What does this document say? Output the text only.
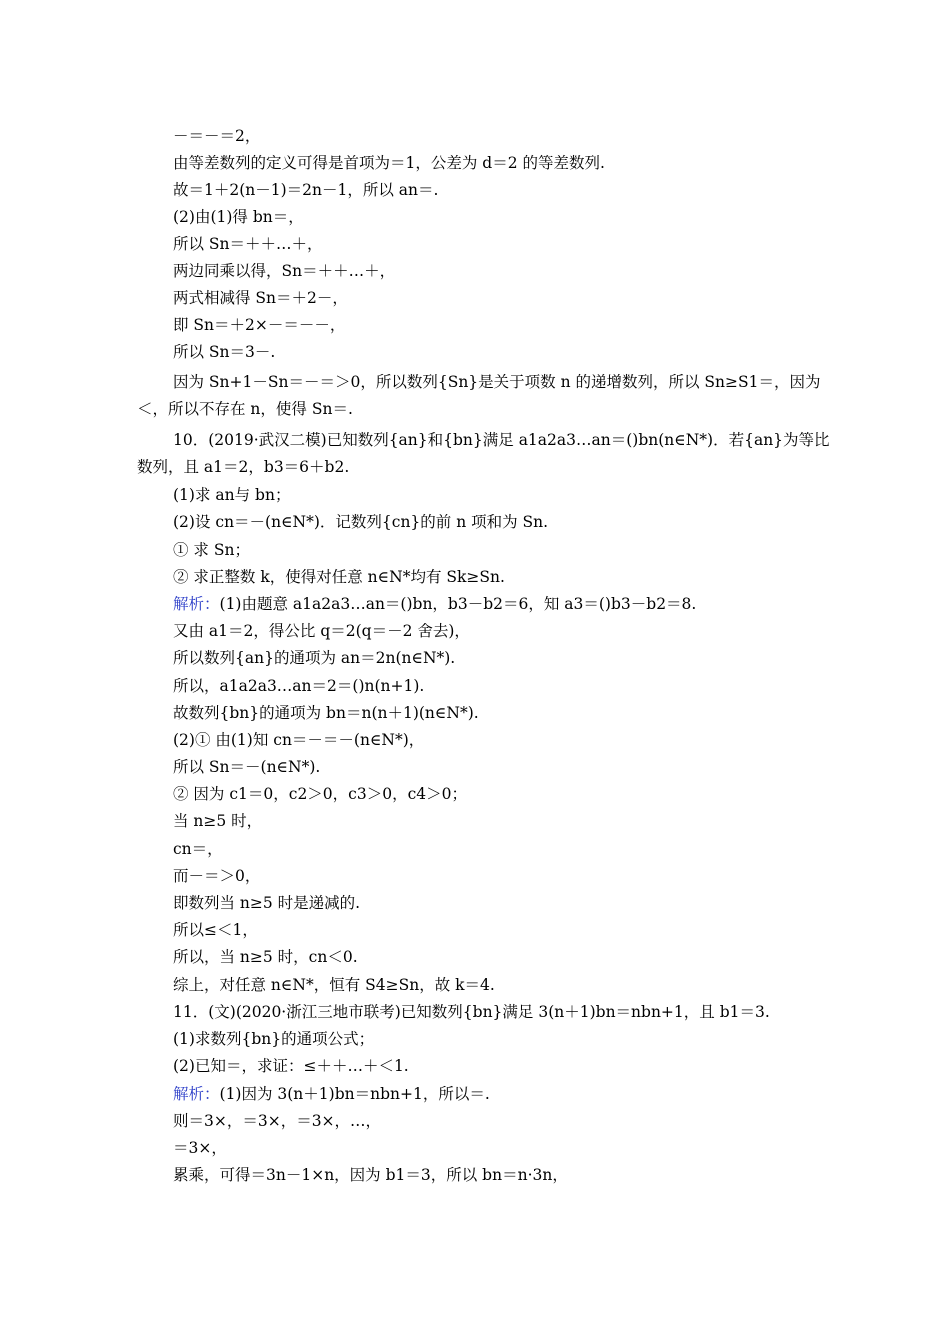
－＝－＝2，
由等差数列的定义可得是首项为＝1，公差为 d＝2 的等差数列.
故＝1＋2(n－1)＝2n－1，所以 an＝.
(2)由(1)得 bn＝，
所以 Sn＝＋＋…＋，
两边同乘以得，Sn＝＋＋…＋，
两式相减得 Sn＝＋2－，
即 Sn＝＋2×－＝－－，
所以 Sn＝3－.
因为 Sn+1－Sn＝－＝＞0，所以数列{Sn}是关于项数 n 的递增数列，所以 Sn≥S1＝，因为
＜，所以不存在 n，使得 Sn＝.
10．(2019·武汉二模)已知数列{an}和{bn}满足 a1a2a3…an＝()bn(n∈N*)．若{an}为等比
数列，且 a1＝2，b3＝6＋b2.
(1)求 an与 bn；
(2)设 cn＝－(n∈N*)．记数列{cn}的前 n 项和为 Sn.
① 求 Sn；
② 求正整数 k，使得对任意 n∈N*均有 Sk≥Sn.
解析：(1)由题意 a1a2a3…an＝()bn，b3－b2＝6，知 a3＝()b3－b2＝8.
又由 a1＝2，得公比 q＝2(q＝－2 舍去)，
所以数列{an}的通项为 an＝2n(n∈N*).
所以，a1a2a3…an＝2＝()n(n+1).
故数列{bn}的通项为 bn＝n(n＋1)(n∈N*).
(2)① 由(1)知 cn＝－＝－(n∈N*)，
所以 Sn＝－(n∈N*).
② 因为 c1＝0，c2＞0，c3＞0，c4＞0；
当 n≥5 时，
cn＝，
而－＝＞0，
即数列当 n≥5 时是递减的.
所以≤＜1，
所以，当 n≥5 时，cn＜0.
综上，对任意 n∈N*，恒有 S4≥Sn，故 k＝4.
11．(文)(2020·浙江三地市联考)已知数列{bn}满足 3(n＋1)bn＝nbn+1，且 b1＝3.
(1)求数列{bn}的通项公式；
(2)已知＝，求证：≤＋＋…＋＜1.
解析：(1)因为 3(n＋1)bn＝nbn+1，所以＝.
则＝3×，＝3×，＝3×，…，
＝3×，
累乘，可得＝3n－1×n，因为 b1＝3，所以 bn＝n·3n，
